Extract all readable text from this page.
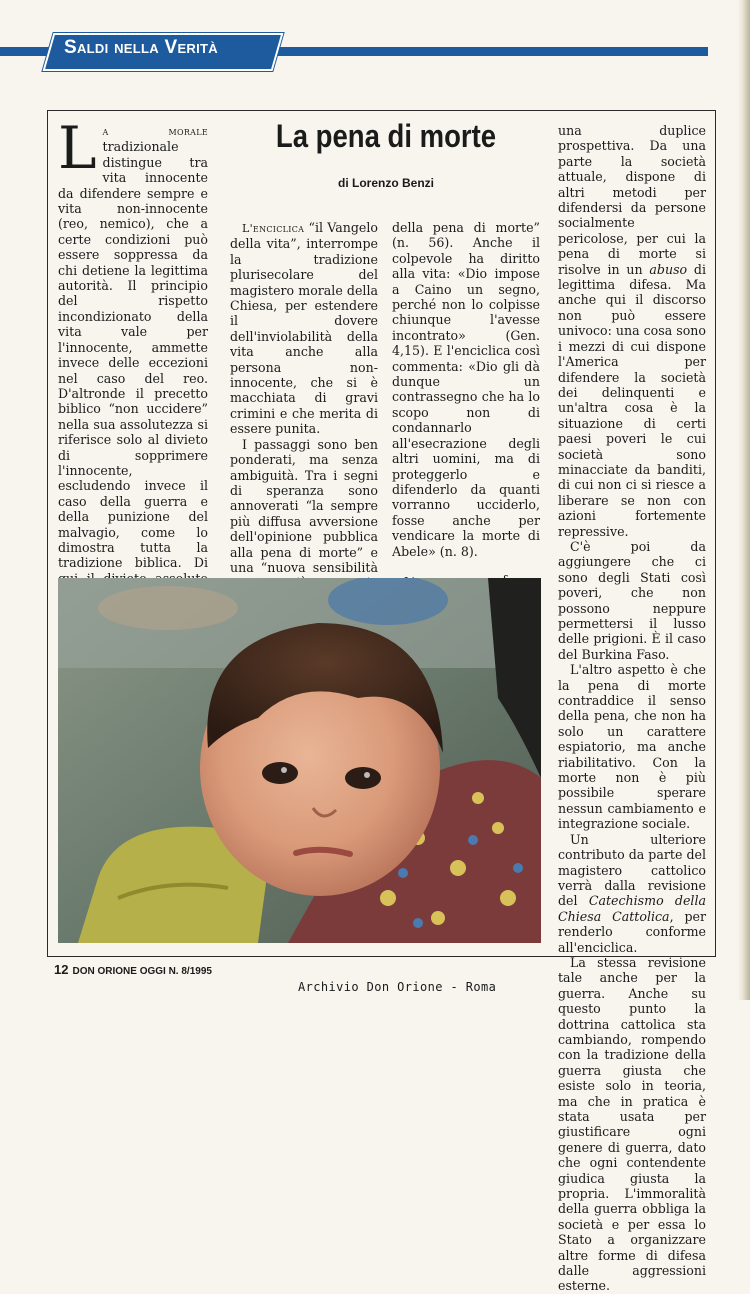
Saldi nella Verità
La pena di morte
di Lorenzo Benzi

La morale tradizionale distingue tra vita innocente da difendere sempre e vita non-innocente (reo, nemico), che a certe condizioni può essere soppressa da chi detiene la legittima autorità. Il principio del rispetto incondizionato della vita vale per l'innocente, ammette invece delle eccezioni nel caso del reo. D'altronde il precetto biblico “non uccidere” nella sua assolutezza si riferisce solo al divieto di sopprimere l'innocente, escludendo invece il caso della guerra e della punizione del malvagio, come lo dimostra tutta la tradizione biblica. Di

L'enciclica “il Vangelo della vita”, interrompe la tradizione plurisecolare del magistero morale della Chiesa, per estendere il dovere dell'inviolabilità della vita anche alla persona non-innocente, che si è macchiata di gravi crimini e che merita di essere punita.

I passaggi sono ben ponderati, ma senza ambiguità. Tra i segni di speranza sono annoverati “la sempre più diffusa avversione dell'opinione pubblica alla pena di morte” e una “nuova sensibilità

della pena di morte” (n. 56). Anche il colpevole ha diritto alla vita: «Dio impose a Caino un segno, perché non lo colpisse chiunque l'avesse incontrato» (Gen. 4,15). E l'enciclica così commenta: «Dio gli dà dunque un contrassegno che ha lo scopo non di condannarlo all'esecrazione degli altri uomini, ma di proteggerlo e difenderlo da quanti vorranno ucciderlo, fosse anche per vendicare la morte di Abele» (n. 8).

una duplice prospettiva. Da una parte la società attuale, dispone di altri metodi per difendersi da persone socialmente pericolose, per cui la pena di morte si risolve in un abuso di legittima difesa. Ma anche qui il discorso non può essere univoco: una cosa sono i mezzi di cui dispone l'America per difendere la società dei delinquenti e un'altra cosa è la situazione di certi paesi poveri le cui società sono minacciate da banditi, di cui non ci si riesce a liberare se non con azioni fortemente repressive.

C'è poi da aggiungere che ci sono degli Stati così poveri, che non possono neppure permettersi il lusso delle prigioni. È il caso del Burkina Faso.

L'altro aspetto è che la pena di morte contraddice il senso della pena, che non ha solo un carattere espiatorio, ma anche riabilitativo. Con la morte non è più possibile sperare nessun cambiamento e integrazione sociale.

Un ulteriore contributo da parte del magistero cattolico verrà dalla revisione del Catechismo della Chiesa Cattolica, per renderlo conforme all'enciclica.

La stessa revisione tale anche per la guerra. Anche su questo punto la dottrina cattolica sta cambiando, rompendo con la tradizione della guerra giusta che esiste solo in teoria, ma che in pratica è stata usata per giustificare ogni genere di guerra, dato che ogni contendente giudica giusta la propria. L'immoralità della guerra obbliga la società e per essa lo Stato a organizzare altre forme di difesa dalle aggressioni esterne.

12 DON ORIONE OGGI N. 8/1995
Archivio Don Orione - Roma
